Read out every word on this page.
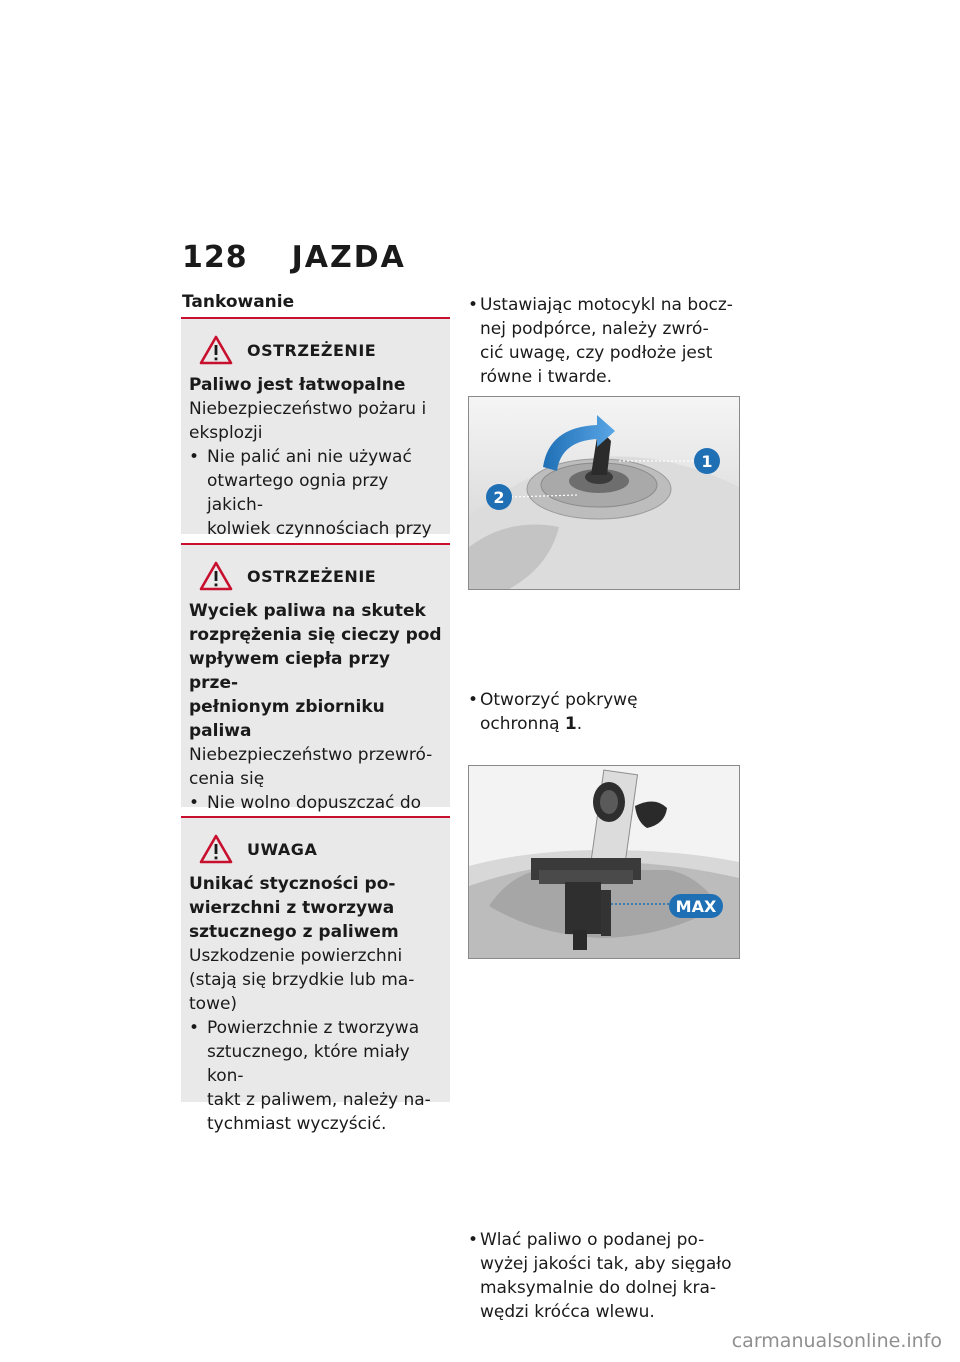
128 JAZDA
Tankowanie
OSTRZEŻENIE
Paliwo jest łatwopalne
Niebezpieczeństwo pożaru i
eksplozji
• Nie palić ani nie używać
otwartego ognia przy jakich-
kolwiek czynnościach przy

OSTRZEŻENIE
Wyciek paliwa na skutek
rozprężenia się cieczy pod
wpływem ciepła przy prze-
pełnionym zbiorniku paliwa
Niebezpieczeństwo przewró-
cenia się
• Nie wolno dopuszczać do

UWAGA
Unikać styczności po-
wierzchni z tworzywa
sztucznego z paliwem
Uszkodzenie powierzchni
(stają się brzydkie lub ma-
towe)
• Powierzchnie z tworzywa
sztucznego, które miały kon-
takt z paliwem, należy na-
tychmiast wyczyścić.
• Ustawiając motocykl na bocz-
nej podpórce, należy zwró-
cić uwagę, czy podłoże jest
równe i twarde.
1
2
• Otworzyć pokrywę
ochronną 1.
MAX
• Wlać paliwo o podanej po-
wyżej jakości tak, aby sięgało
maksymalnie do dolnej kra-
wędzi króćca wlewu.
carmanualsonline.info
